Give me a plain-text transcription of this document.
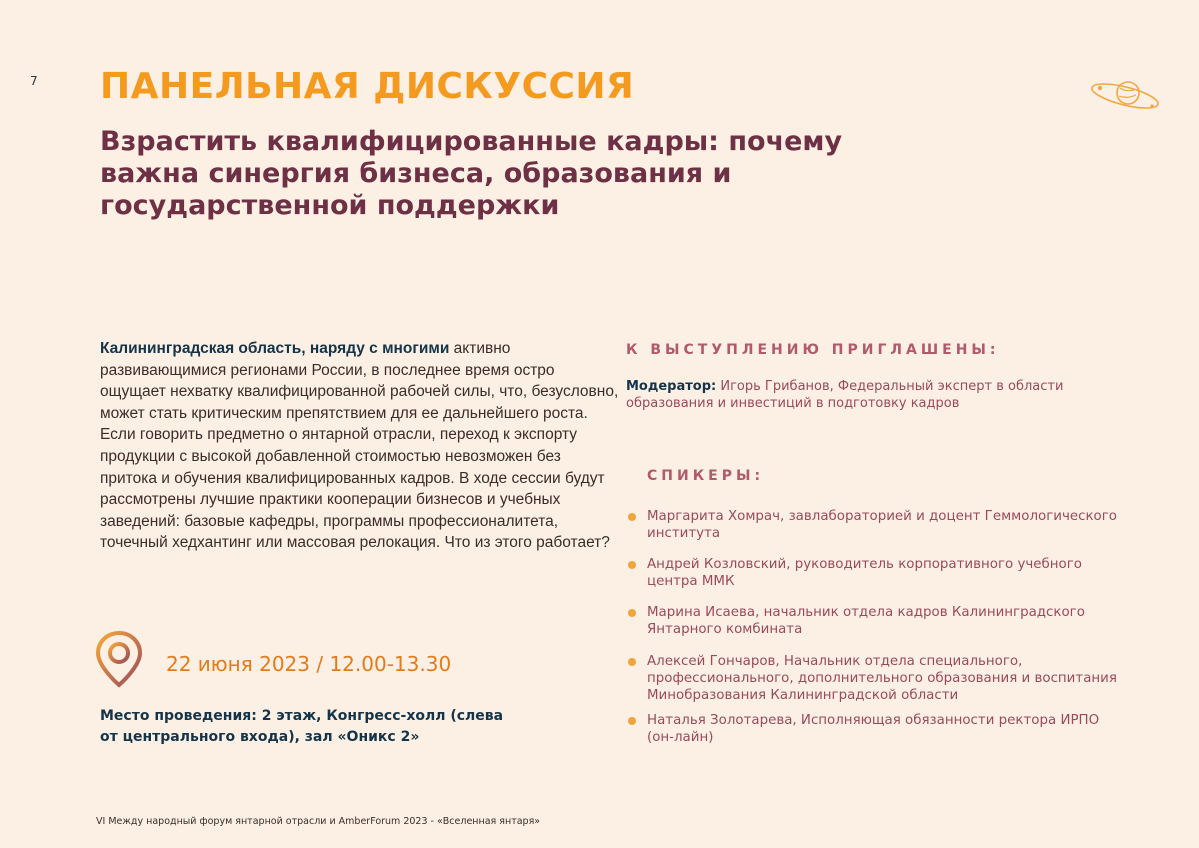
7 ПАНЕЛЬНАЯ ДИСКУССИЯ
Взрастить квалифицированные кадры: почему важна синергия бизнеса, образования и государственной поддержки
Калининградская область, наряду с многими активно развивающимися регионами России, в последнее время остро ощущает нехватку квалифицированной рабочей силы, что, безусловно, может стать критическим препятствием для ее дальнейшего роста. Если говорить предметно о янтарной отрасли, переход к экспорту продукции с высокой добавленной стоимостью невозможен без притока и обучения квалифицированных кадров. В ходе сессии будут рассмотрены лучшие практики кооперации бизнесов и учебных заведений: базовые кафедры, программы профессионалитета, точечный хедхантинг или массовая релокация. Что из этого работает?
22 июня 2023 / 12.00-13.30
Место проведения: 2 этаж, Конгресс-холл (слева от центрального входа), зал «Оникс 2»
К ВЫСТУПЛЕНИЮ ПРИГЛАШЕНЫ:
Модератор: Игорь Грибанов, Федеральный эксперт в области образования и инвестиций в подготовку кадров
СПИКЕРЫ:
Маргарита Хомрач, завлабораторией и доцент Геммологического института
Андрей Козловский, руководитель корпоративного учебного центра ММК
Марина Исаева, начальник отдела кадров Калининградского Янтарного комбината
Алексей Гончаров, Начальник отдела специального, профессионального, дополнительного образования и воспитания Минобразования Калининградской области
Наталья Золотарева, Исполняющая обязанности ректора ИРПО (он-лайн)
VI Между народный форум янтарной отрасли и AmberForum 2023 - «Вселенная янтаря»
